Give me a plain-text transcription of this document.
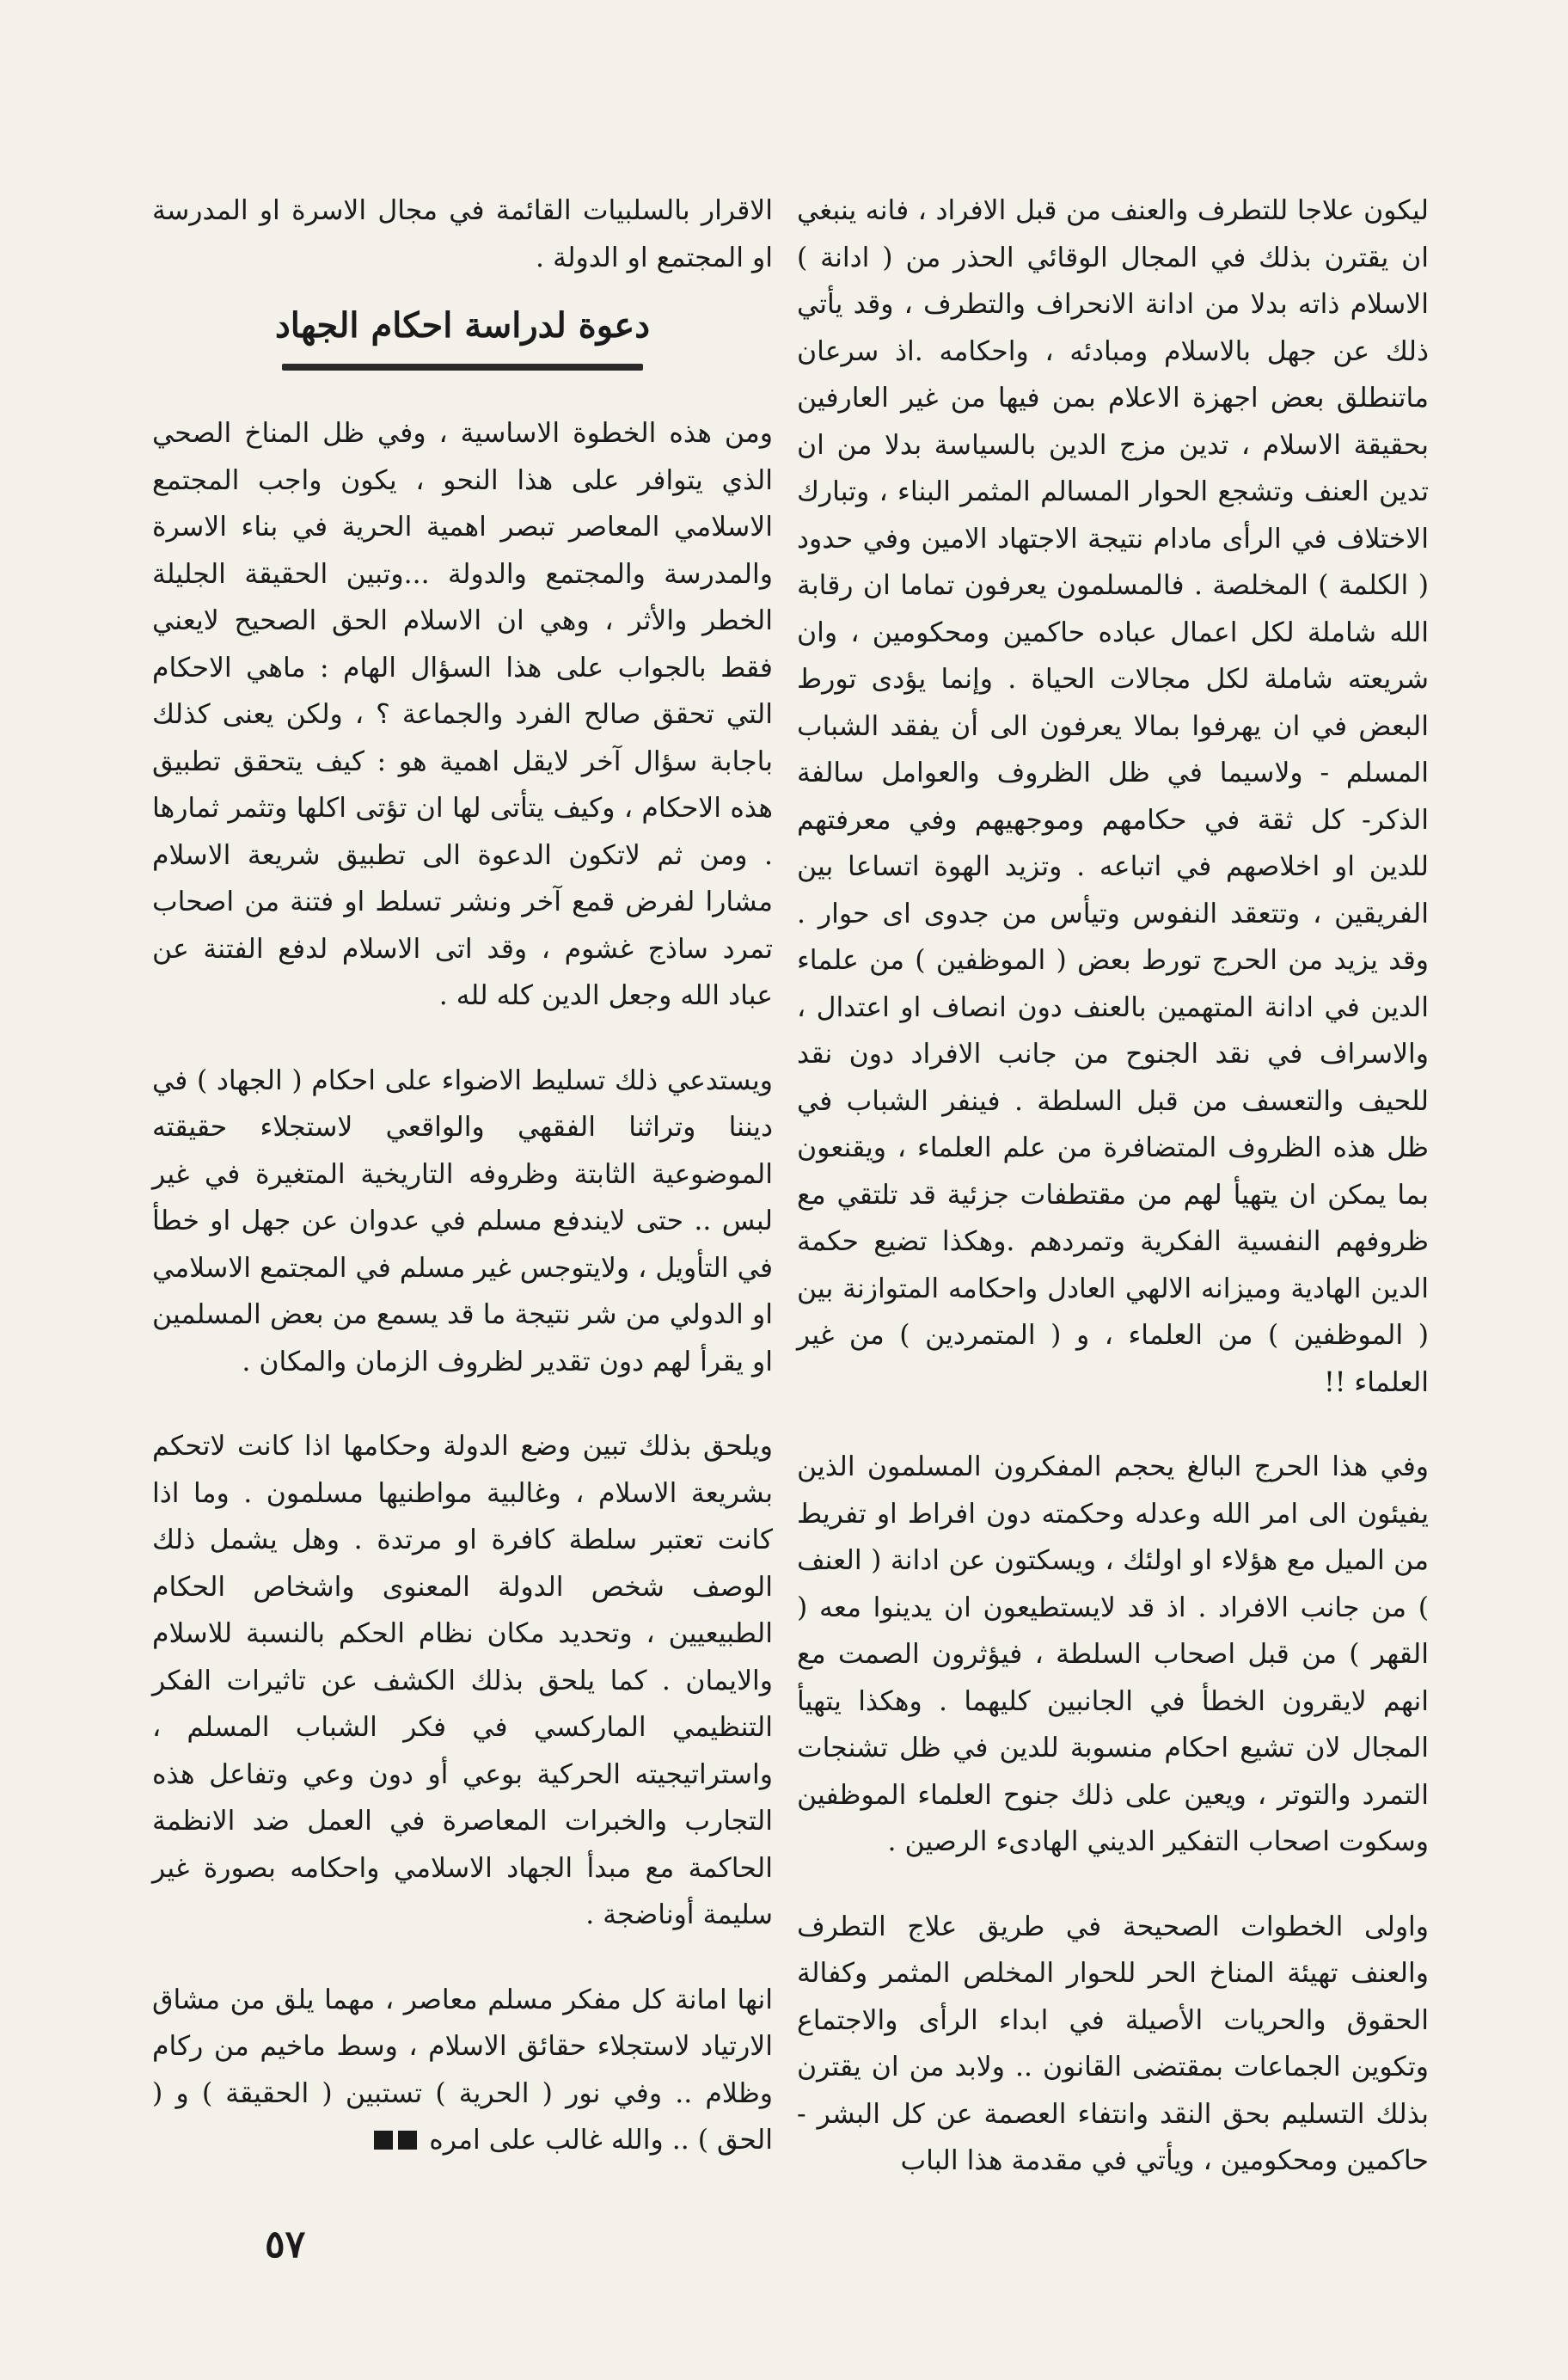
ليكون علاجا للتطرف والعنف من قبل الافراد ، فانه ينبغي ان يقترن بذلك في المجال الوقائي الحذر من ( ادانة ) الاسلام ذاته بدلا من ادانة الانحراف والتطرف ، وقد يأتي ذلك عن جهل بالاسلام ومبادئه ، واحكامه .اذ سرعان ماتنطلق بعض اجهزة الاعلام بمن فيها من غير العارفين بحقيقة الاسلام ، تدين مزج الدين بالسياسة بدلا من ان تدين العنف وتشجع الحوار المسالم المثمر البناء ، وتبارك الاختلاف في الرأى مادام نتيجة الاجتهاد الامين وفي حدود ( الكلمة ) المخلصة . فالمسلمون يعرفون تماما ان رقابة الله شاملة لكل اعمال عباده حاكمين ومحكومين ، وان شريعته شاملة لكل مجالات الحياة . وإنما يؤدى تورط البعض في ان يهرفوا بمالا يعرفون الى أن يفقد الشباب المسلم - ولاسيما في ظل الظروف والعوامل سالفة الذكر- كل ثقة في حكامهم وموجهيهم وفي معرفتهم للدين او اخلاصهم في اتباعه . وتزيد الهوة اتساعا بين الفريقين ، وتتعقد النفوس وتيأس من جدوى اى حوار . وقد يزيد من الحرج تورط بعض ( الموظفين ) من علماء الدين في ادانة المتهمين بالعنف دون انصاف او اعتدال ، والاسراف في نقد الجنوح من جانب الافراد دون نقد للحيف والتعسف من قبل السلطة . فينفر الشباب في ظل هذه الظروف المتضافرة من علم العلماء ، ويقنعون بما يمكن ان يتهيأ لهم من مقتطفات جزئية قد تلتقي مع ظروفهم النفسية الفكرية وتمردهم .وهكذا تضيع حكمة الدين الهادية وميزانه الالهي العادل واحكامه المتوازنة بين ( الموظفين ) من العلماء ، و ( المتمردين ) من غير العلماء !!

وفي هذا الحرج البالغ يحجم المفكرون المسلمون الذين يفيئون الى امر الله وعدله وحكمته دون افراط او تفريط من الميل مع هؤلاء او اولئك ، ويسكتون عن ادانة ( العنف ) من جانب الافراد . اذ قد لايستطيعون ان يدينوا معه ( القهر ) من قبل اصحاب السلطة ، فيؤثرون الصمت مع انهم لايقرون الخطأ في الجانبين كليهما . وهكذا يتهيأ المجال لان تشيع احكام منسوبة للدين في ظل تشنجات التمرد والتوتر ، ويعين على ذلك جنوح العلماء الموظفين وسكوت اصحاب التفكير الديني الهادىء الرصين .

واولى الخطوات الصحيحة في طريق علاج التطرف والعنف تهيئة المناخ الحر للحوار المخلص المثمر وكفالة الحقوق والحريات الأصيلة في ابداء الرأى والاجتماع وتكوين الجماعات بمقتضى القانون .. ولابد من ان يقترن بذلك التسليم بحق النقد وانتفاء العصمة عن كل البشر - حاكمين ومحكومين ، ويأتي في مقدمة هذا الباب

الاقرار بالسلبيات القائمة في مجال الاسرة او المدرسة او المجتمع او الدولة .

دعوة لدراسة احكام الجهاد

ومن هذه الخطوة الاساسية ، وفي ظل المناخ الصحي الذي يتوافر على هذا النحو ، يكون واجب المجتمع الاسلامي المعاصر تبصر اهمية الحرية في بناء الاسرة والمدرسة والمجتمع والدولة ...وتبين الحقيقة الجليلة الخطر والأثر ، وهي ان الاسلام الحق الصحيح لايعني فقط بالجواب على هذا السؤال الهام : ماهي الاحكام التي تحقق صالح الفرد والجماعة ؟ ، ولكن يعنى كذلك باجابة سؤال آخر لايقل اهمية هو : كيف يتحقق تطبيق هذه الاحكام ، وكيف يتأتى لها ان تؤتى اكلها وتثمر ثمارها . ومن ثم لاتكون الدعوة الى تطبيق شريعة الاسلام مشارا لفرض قمع آخر ونشر تسلط او فتنة من اصحاب تمرد ساذج غشوم ، وقد اتى الاسلام لدفع الفتنة عن عباد الله وجعل الدين كله لله .

ويستدعي ذلك تسليط الاضواء على احكام ( الجهاد ) في ديننا وتراثنا الفقهي والواقعي لاستجلاء حقيقته الموضوعية الثابتة وظروفه التاريخية المتغيرة في غير لبس .. حتى لايندفع مسلم في عدوان عن جهل او خطأ في التأويل ، ولايتوجس غير مسلم في المجتمع الاسلامي او الدولي من شر نتيجة ما قد يسمع من بعض المسلمين او يقرأ لهم دون تقدير لظروف الزمان والمكان .

ويلحق بذلك تبين وضع الدولة وحكامها اذا كانت لاتحكم بشريعة الاسلام ، وغالبية مواطنيها مسلمون . وما اذا كانت تعتبر سلطة كافرة او مرتدة . وهل يشمل ذلك الوصف شخص الدولة المعنوى واشخاص الحكام الطبيعيين ، وتحديد مكان نظام الحكم بالنسبة للاسلام والايمان . كما يلحق بذلك الكشف عن تاثيرات الفكر التنظيمي الماركسي في فكر الشباب المسلم ، واستراتيجيته الحركية بوعي أو دون وعي وتفاعل هذه التجارب والخبرات المعاصرة في العمل ضد الانظمة الحاكمة مع مبدأ الجهاد الاسلامي واحكامه بصورة غير سليمة أوناضجة .

انها امانة كل مفكر مسلم معاصر ، مهما يلق من مشاق الارتياد لاستجلاء حقائق الاسلام ، وسط ماخيم من ركام وظلام .. وفي نور ( الحرية ) تستبين ( الحقيقة ) و ( الحق ) .. والله غالب على امره

٥٧
